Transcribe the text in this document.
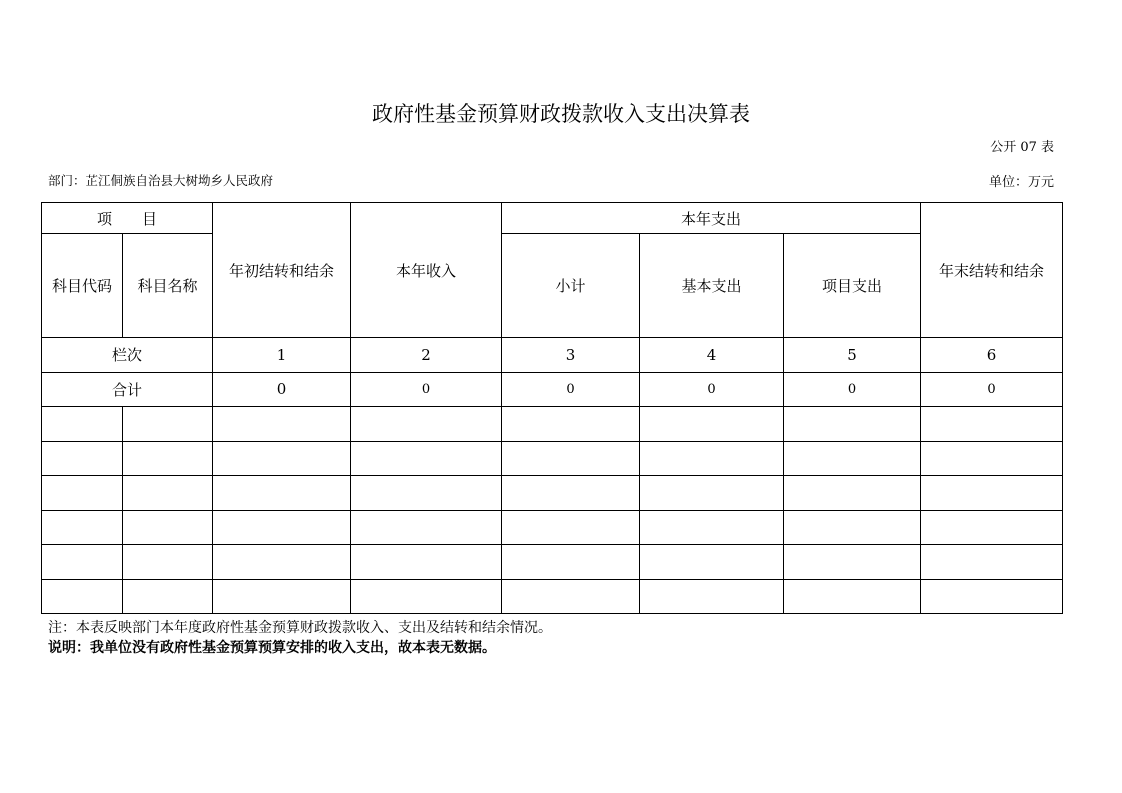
政府性基金预算财政拨款收入支出决算表
公开 07 表
部门：芷江侗族自治县大树坳乡人民政府	单位：万元
项　　目		年初结转和结余	本年收入	本年支出			年末结转和结余
科目代码	科目名称			小计	基本支出	项目支出	
栏次		1	2	3	4	5	6
合计		0	0	0	0	0	0

注：本表反映部门本年度政府性基金预算财政拨款收入、支出及结转和结余情况。
说明：我单位没有政府性基金预算预算安排的收入支出，故本表无数据。
